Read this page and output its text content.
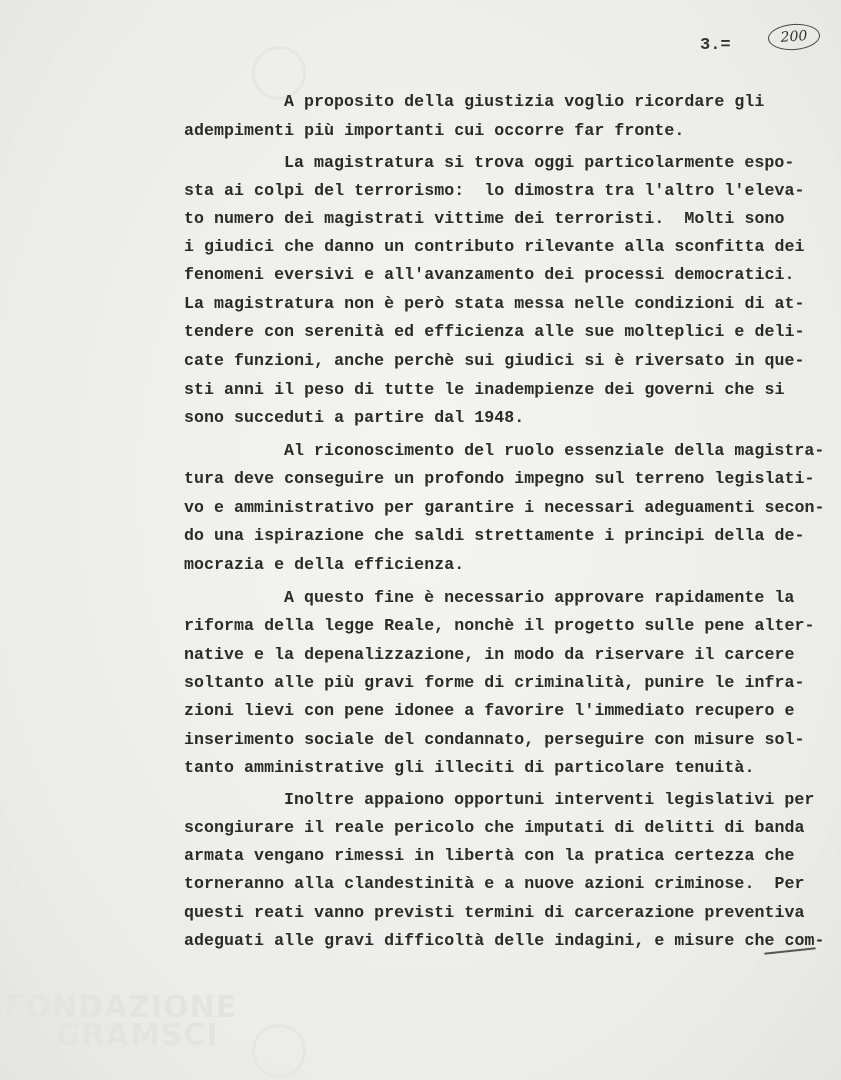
FONDAZIONE
GRAMSCI
3.=	200
A proposito della giustizia voglio ricordare gli
adempimenti più importanti cui occorre far fronte.
La magistratura si trova oggi particolarmente espo-
sta ai colpi del terrorismo:  lo dimostra tra l'altro l'eleva-
to numero dei magistrati vittime dei terroristi.  Molti sono
i giudici che danno un contributo rilevante alla sconfitta dei
fenomeni eversivi e all'avanzamento dei processi democratici.
La magistratura non è però stata messa nelle condizioni di at-
tendere con serenità ed efficienza alle sue molteplici e deli-
cate funzioni, anche perchè sui giudici si è riversato in que-
sti anni il peso di tutte le inadempienze dei governi che si
sono succeduti a partire dal 1948.
Al riconoscimento del ruolo essenziale della magistra-
tura deve conseguire un profondo impegno sul terreno legislati-
vo e amministrativo per garantire i necessari adeguamenti secon-
do una ispirazione che saldi strettamente i principi della de-
mocrazia e della efficienza.
A questo fine è necessario approvare rapidamente la
riforma della legge Reale, nonchè il progetto sulle pene alter-
native e la depenalizzazione, in modo da riservare il carcere
soltanto alle più gravi forme di criminalità, punire le infra-
zioni lievi con pene idonee a favorire l'immediato recupero e
inserimento sociale del condannato, perseguire con misure sol-
tanto amministrative gli illeciti di particolare tenuità.
Inoltre appaiono opportuni interventi legislativi per
scongiurare il reale pericolo che imputati di delitti di banda
armata vengano rimessi in libertà con la pratica certezza che
torneranno alla clandestinità e a nuove azioni criminose.  Per
questi reati vanno previsti termini di carcerazione preventiva
adeguati alle gravi difficoltà delle indagini, e misure che com-
